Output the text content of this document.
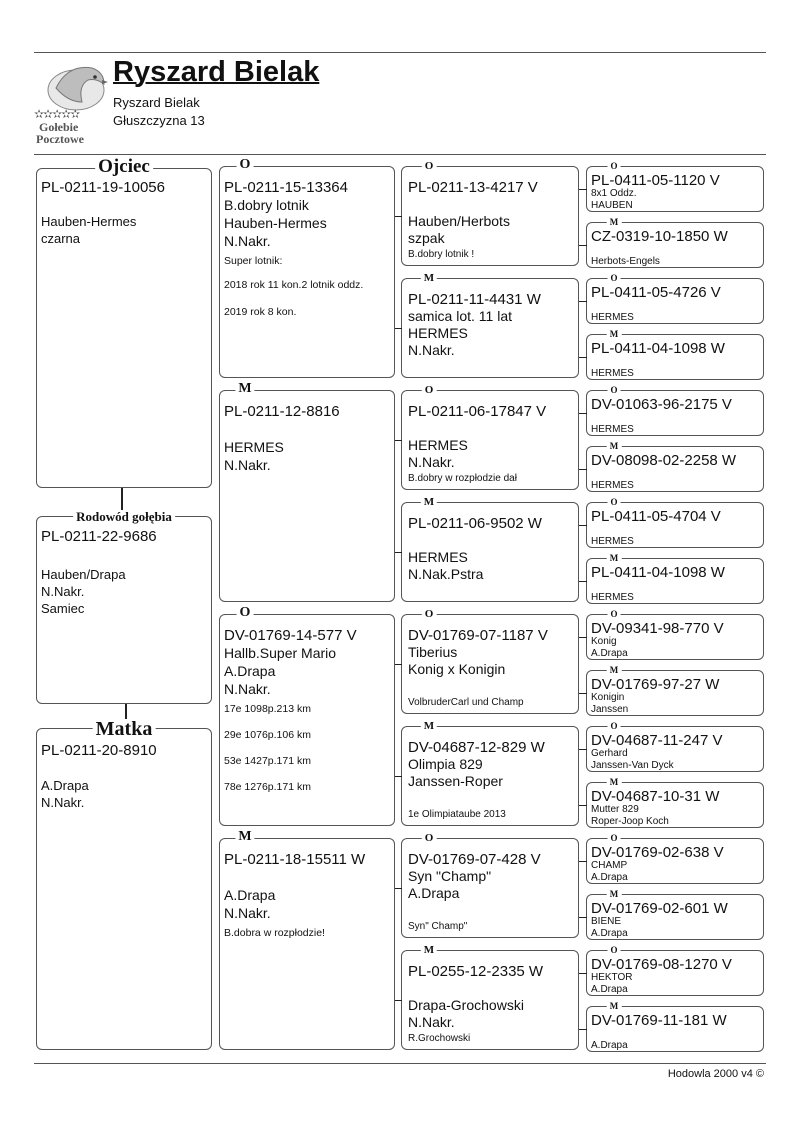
✫✫✫✫✫
Gołebie
Pocztowe
Ryszard Bielak
Ryszard Bielak
Głuszczyzna 13
PL-0211-19-10056
Hauben-Hermes
czarna
Ojciec
PL-0211-22-9686
Hauben/Drapa
N.Nakr.
Samiec
Rodowód gołębia
PL-0211-20-8910
A.Drapa
N.Nakr.
Matka
PL-0211-15-13364
B.dobry lotnik
Hauben-Hermes
N.Nakr.
Super lotnik:
2018 rok 11 kon.2 lotnik oddz.
2019 rok 8 kon.
O
PL-0211-12-8816
HERMES
N.Nakr.
M
DV-01769-14-577 V
Hallb.Super Mario
A.Drapa
N.Nakr.
17e 1098p.213 km
29e 1076p.106 km
53e 1427p.171 km
78e 1276p.171 km
O
PL-0211-18-15511 W
A.Drapa
N.Nakr.
B.dobra w rozpłodzie!
M
PL-0211-13-4217 V
Hauben/Herbots
szpak
B.dobry lotnik !
O
PL-0211-11-4431 W
samica lot. 11 lat
HERMES
N.Nakr.
M
PL-0211-06-17847 V
HERMES
N.Nakr.
B.dobry w rozpłodzie dał
O
PL-0211-06-9502 W
HERMES
N.Nak.Pstra
M
DV-01769-07-1187 V
Tiberius
Konig x Konigin
VolbruderCarl und Champ
O
DV-04687-12-829 W
Olimpia 829
Janssen-Roper
1e Olimpiataube 2013
M
DV-01769-07-428 V
Syn "Champ"
A.Drapa
Syn" Champ"
O
PL-0255-12-2335 W
Drapa-Grochowski
N.Nakr.
R.Grochowski
M
PL-0411-05-1120 V
8x1 Oddz.
HAUBEN
O
CZ-0319-10-1850 W
Herbots-Engels
M
PL-0411-05-4726 V
HERMES
O
PL-0411-04-1098 W
HERMES
M
DV-01063-96-2175 V
HERMES
O
DV-08098-02-2258 W
HERMES
M
PL-0411-05-4704 V
HERMES
O
PL-0411-04-1098 W
HERMES
M
DV-09341-98-770 V
Konig
A.Drapa
O
DV-01769-97-27 W
Konigin
Janssen
M
DV-04687-11-247 V
Gerhard
Janssen-Van Dyck
O
DV-04687-10-31 W
Mutter 829
Roper-Joop Koch
M
DV-01769-02-638 V
CHAMP
A.Drapa
O
DV-01769-02-601 W
BIENE
A.Drapa
M
DV-01769-08-1270 V
HEKTOR
A.Drapa
O
DV-01769-11-181 W
A.Drapa
M
Hodowla 2000 v4 ©
